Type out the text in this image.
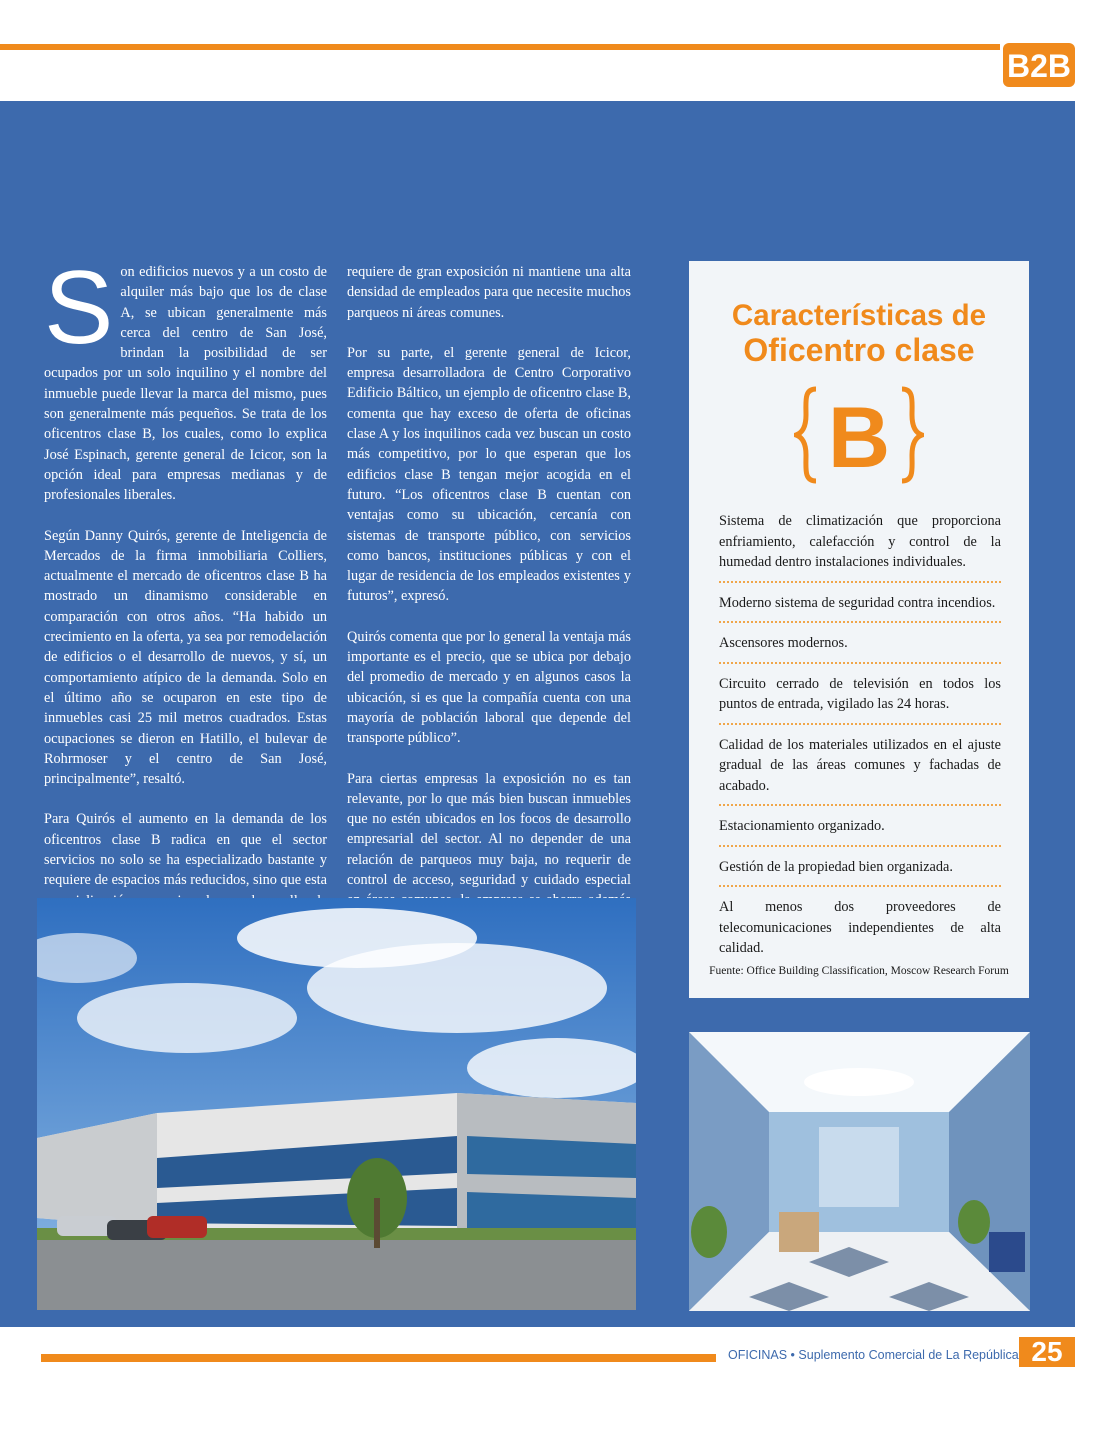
B2B

Son edificios nuevos y a un costo de alquiler más bajo que los de clase A, se ubican generalmente más cerca del centro de San José, brindan la posibilidad de ser ocupados por un solo inquilino y el nombre del inmueble puede llevar la marca del mismo, pues son generalmente más pequeños. Se trata de los oficentros clase B, los cuales, como lo explica José Espinach, gerente general de Icicor, son la opción ideal para empresas medianas y de profesionales liberales.

Según Danny Quirós, gerente de Inteligencia de Mercados de la firma inmobiliaria Colliers, actualmente el mercado de oficentros clase B ha mostrado un dinamismo considerable en comparación con otros años. “Ha habido un crecimiento en la oferta, ya sea por remodelación de edificios o el desarrollo de nuevos, y sí, un comportamiento atípico de la demanda. Solo en el último año se ocuparon en este tipo de inmuebles casi 25 mil metros cuadrados. Estas ocupaciones se dieron en Hatillo, el bulevar de Rohrmoser y el centro de San José, principalmente”, resaltó.

Para Quirós el aumento en la demanda de los oficentros clase B radica en que el sector servicios no solo se ha especializado bastante y requiere de espacios más reducidos, sino que esta

requiere de gran exposición ni mantiene una alta densidad de empleados para que necesite muchos parqueos ni áreas comunes.

Por su parte, el gerente general de Icicor, empresa desarrolladora de Centro Corporativo Edificio Báltico, un ejemplo de oficentro clase B, comenta que hay exceso de oferta de oficinas clase A y los inquilinos cada vez buscan un costo más competitivo, por lo que esperan que los edificios clase B tengan mejor acogida en el futuro. “Los oficentros clase B cuentan con ventajas como su ubicación, cercanía con sistemas de transporte público, con servicios como bancos, instituciones públicas y con el lugar de residencia de los empleados existentes y futuros”, expresó.

Quirós comenta que por lo general la ventaja más importante es el precio, que se ubica por debajo del promedio de mercado y en algunos casos la ubicación, si es que la compañía cuenta con una mayoría de población laboral que depende del transporte público”.

Para ciertas empresas la exposición no es tan relevante, por lo que más bien buscan inmuebles que no estén ubicados en los focos de desarrollo empresarial del sector. Al no depender de una relación de parqueos muy baja, no requerir de control de acceso, seguridad y cuidado especial

Características de
Oficentro clase
B
Sistema de climatización que proporciona enfriamiento, calefacción y control de la humedad dentro instalaciones individuales.
Moderno sistema de seguridad contra incendios.
Ascensores modernos.
Circuito cerrado de televisión en todos los puntos de entrada, vigilado las 24 horas.
Calidad de los materiales utilizados en el ajuste gradual de las áreas comunes y fachadas de acabado.
Estacionamiento organizado.
Gestión de la propiedad bien organizada.
Al menos dos proveedores de telecomunicaciones independientes de alta calidad.
Fuente: Office Building Classification, Moscow Research Forum
OFICINAS • Suplemento Comercial de La República 25
